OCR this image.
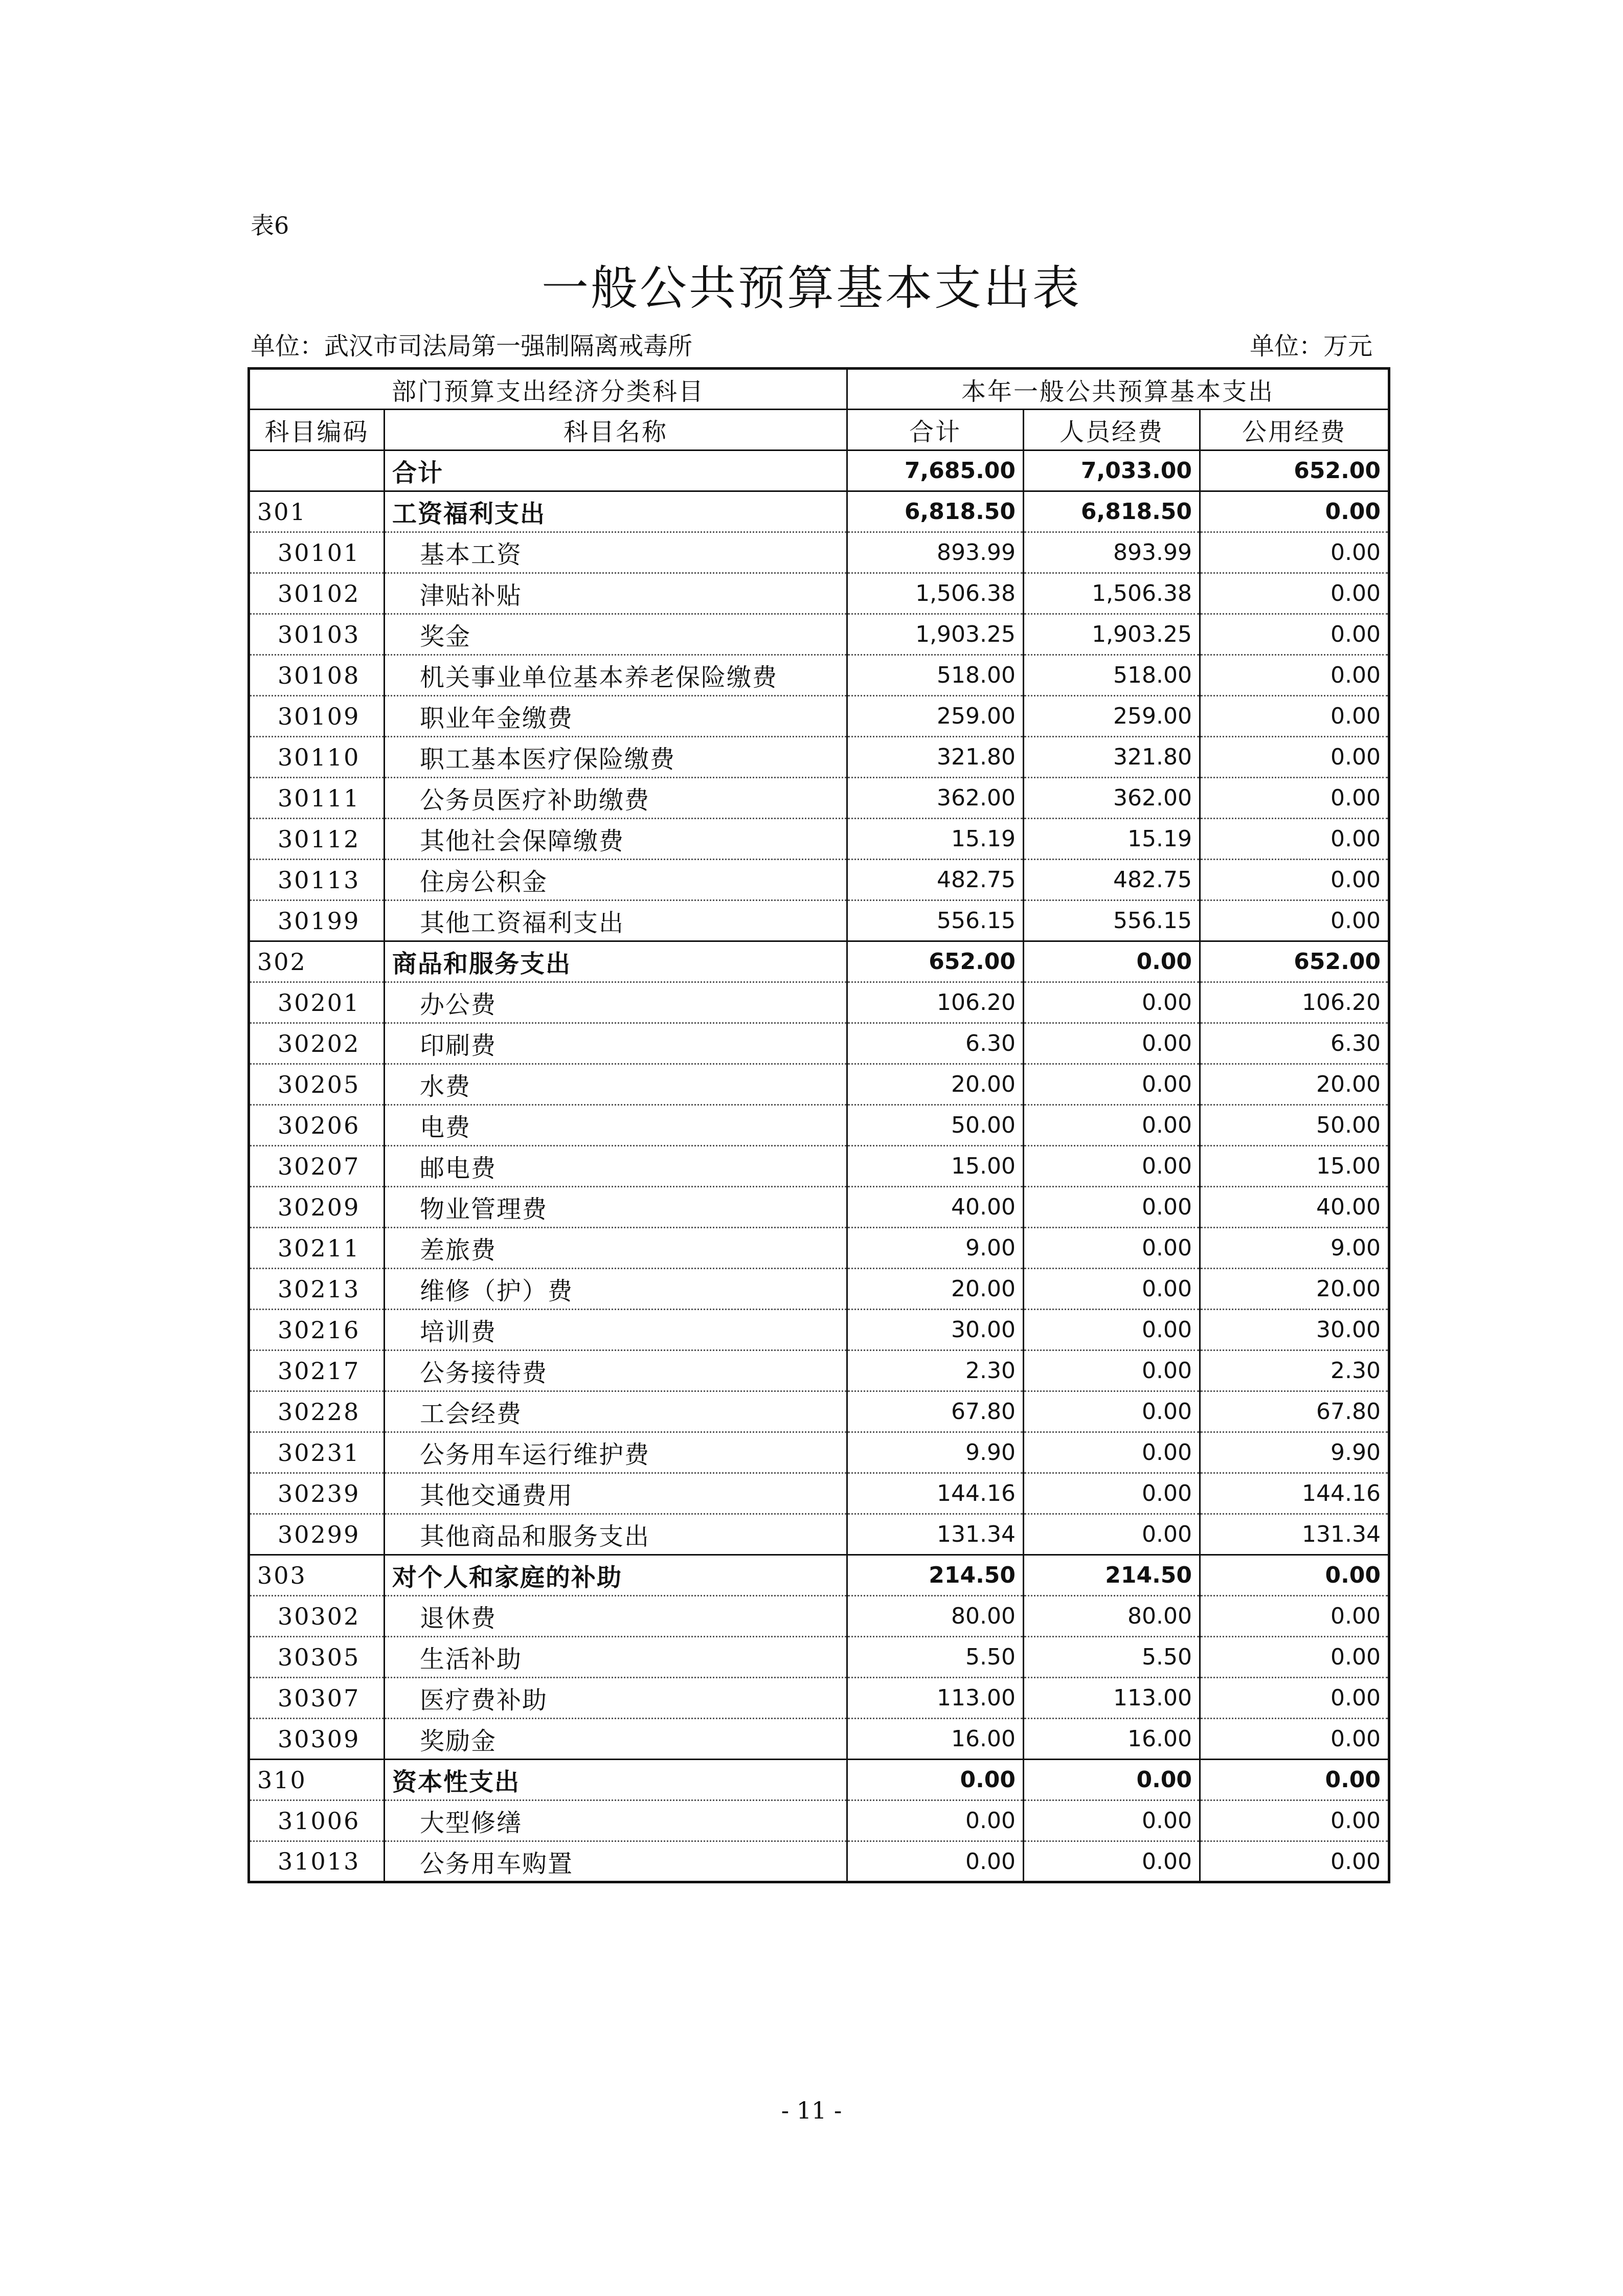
表6
一般公共预算基本支出表
单位：武汉市司法局第一强制隔离戒毒所	单位：万元
部门预算支出经济分类科目		本年一般公共预算基本支出		
科目编码	科目名称	合计	人员经费	公用经费
	合计	7,685.00	7,033.00	652.00
301	工资福利支出	6,818.50	6,818.50	0.00
30101	基本工资	893.99	893.99	0.00
30102	津贴补贴	1,506.38	1,506.38	0.00
30103	奖金	1,903.25	1,903.25	0.00
30108	机关事业单位基本养老保险缴费	518.00	518.00	0.00
30109	职业年金缴费	259.00	259.00	0.00
30110	职工基本医疗保险缴费	321.80	321.80	0.00
30111	公务员医疗补助缴费	362.00	362.00	0.00
30112	其他社会保障缴费	15.19	15.19	0.00
30113	住房公积金	482.75	482.75	0.00
30199	其他工资福利支出	556.15	556.15	0.00
302	商品和服务支出	652.00	0.00	652.00
30201	办公费	106.20	0.00	106.20
30202	印刷费	6.30	0.00	6.30
30205	水费	20.00	0.00	20.00
30206	电费	50.00	0.00	50.00
30207	邮电费	15.00	0.00	15.00
30209	物业管理费	40.00	0.00	40.00
30211	差旅费	9.00	0.00	9.00
30213	维修（护）费	20.00	0.00	20.00
30216	培训费	30.00	0.00	30.00
30217	公务接待费	2.30	0.00	2.30
30228	工会经费	67.80	0.00	67.80
30231	公务用车运行维护费	9.90	0.00	9.90
30239	其他交通费用	144.16	0.00	144.16
30299	其他商品和服务支出	131.34	0.00	131.34
303	对个人和家庭的补助	214.50	214.50	0.00
30302	退休费	80.00	80.00	0.00
30305	生活补助	5.50	5.50	0.00
30307	医疗费补助	113.00	113.00	0.00
30309	奖励金	16.00	16.00	0.00
310	资本性支出	0.00	0.00	0.00
31006	大型修缮	0.00	0.00	0.00
31013	公务用车购置	0.00	0.00	0.00
- 11 -
